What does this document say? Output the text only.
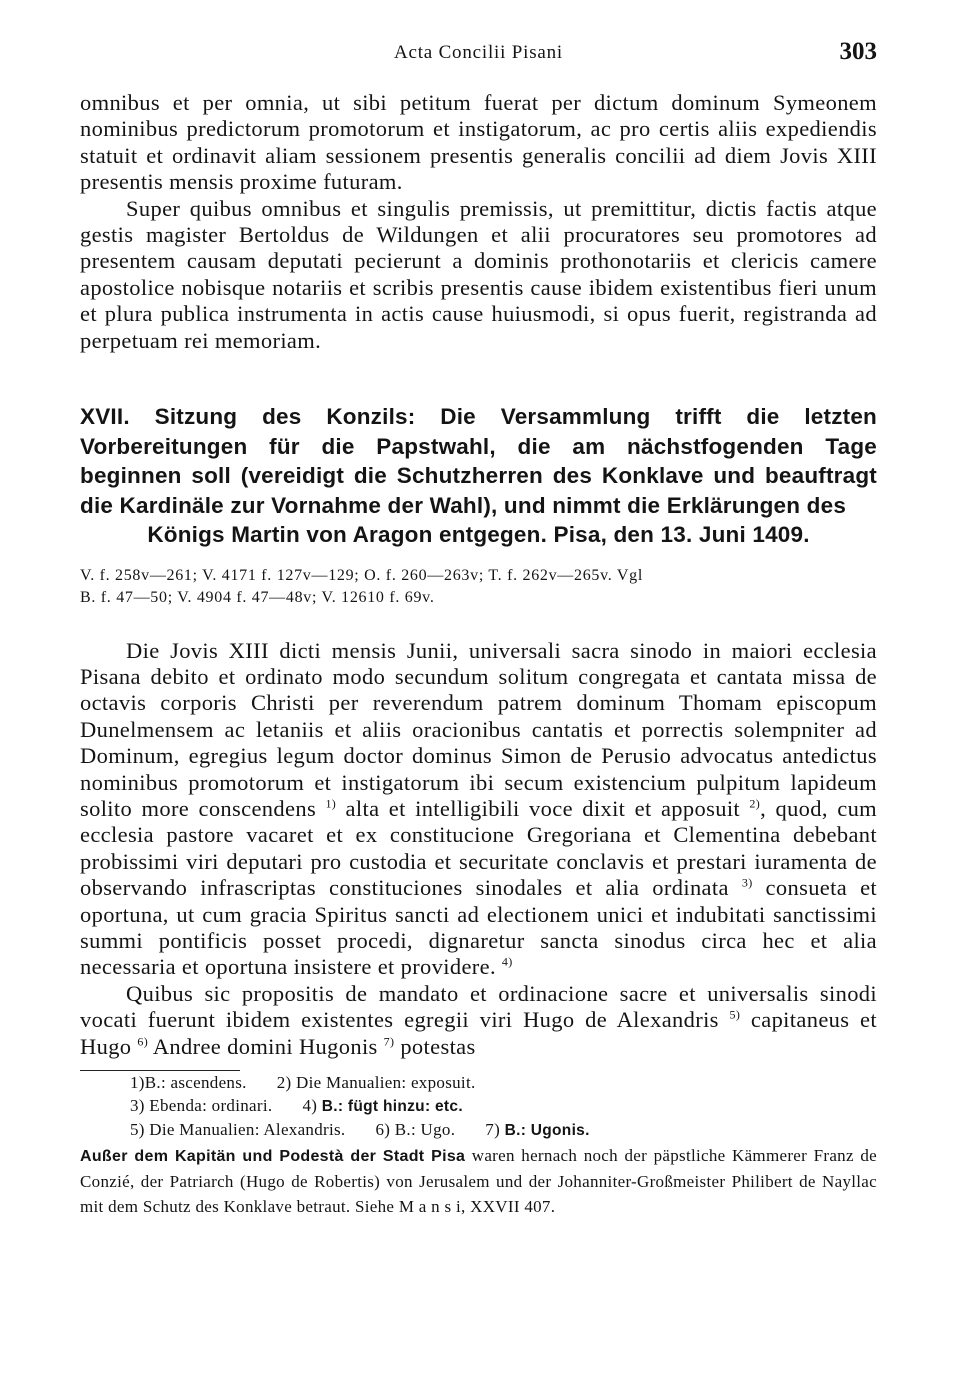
Acta Concilii Pisani	303

omnibus et per omnia, ut sibi petitum fuerat per dictum dominum Symeonem nominibus predictorum promotorum et instigatorum, ac pro certis aliis expediendis statuit et ordinavit aliam sessionem presentis generalis concilii ad diem Jovis XIII presentis mensis proxime futuram.

Super quibus omnibus et singulis premissis, ut premittitur, dictis factis atque gestis magister Bertoldus de Wildungen et alii procuratores seu promotores ad presentem causam deputati pecierunt a dominis prothonotariis et clericis camere apostolice nobisque notariis et scribis presentis cause ibidem existentibus fieri unum et plura publica instrumenta in actis cause huiusmodi, si opus fuerit, registranda ad perpetuam rei memoriam.

XVII. Sitzung des Konzils: Die Versammlung trifft die letzten Vorbereitungen für die Papstwahl, die am nächstfogenden Tage beginnen soll (vereidigt die Schutzherren des Konklave und beauftragt die Kardinäle zur Vornahme der Wahl), und nimmt die Erklärungen des
Königs Martin von Aragon entgegen. Pisa, den 13. Juni 1409.
V. f. 258v—261; V. 4171 f. 127v—129; O. f. 260—263v; T. f. 262v—265v. Vgl
B. f. 47—50; V. 4904 f. 47—48v; V. 12610 f. 69v.

Die Jovis XIII dicti mensis Junii, universali sacra sinodo in maiori ecclesia Pisana debito et ordinato modo secundum solitum congregata et cantata missa de octavis corporis Christi per reverendum patrem dominum Thomam episcopum Dunelmensem ac letaniis et aliis oracionibus cantatis et porrectis solempniter ad Dominum, egregius legum doctor dominus Simon de Perusio advocatus antedictus nominibus promotorum et instigatorum ibi secum existencium pulpitum lapideum solito more conscendens $^{1)}$ alta et intelligibili voce dixit et apposuit $^{2)}$, quod, cum ecclesia pastore vacaret et ex constitucione Gregoriana et Clementina debebant probissimi viri deputari pro custodia et securitate conclavis et prestari iuramenta de observando infrascriptas constituciones sinodales et alia ordinata $^{3)}$ consueta et oportuna, ut cum gracia Spiritus sancti ad electionem unici et indubitati sanctissimi summi pontificis posset procedi, dignaretur sancta sinodus circa hec et alia necessaria et oportuna insistere et providere. $^{4)}$

Quibus sic propositis de mandato et ordinacione sacre et universalis sinodi vocati fuerunt ibidem existentes egregii viri Hugo de Alexandris $^{5)}$ capitaneus et Hugo $^{6)}$ Andree domini Hugonis $^{7)}$ potestas

1)B.: ascendens. 2) Die Manualien: exposuit.
3) Ebenda: ordinari. 4) B.: fügt hinzu: etc.
5) Die Manualien: Alexandris. 6) B.: Ugo. 7) B.: Ugonis.
Außer dem Kapitän und Podestà der Stadt Pisa waren hernach noch der päpstliche Kämmerer Franz de Conzié, der Patriarch (Hugo de Robertis) von Jerusalem und der Johanniter-Großmeister Philibert de Nayllac mit dem Schutz des Konklave betraut. Siehe M a n s i, XXVII 407.
